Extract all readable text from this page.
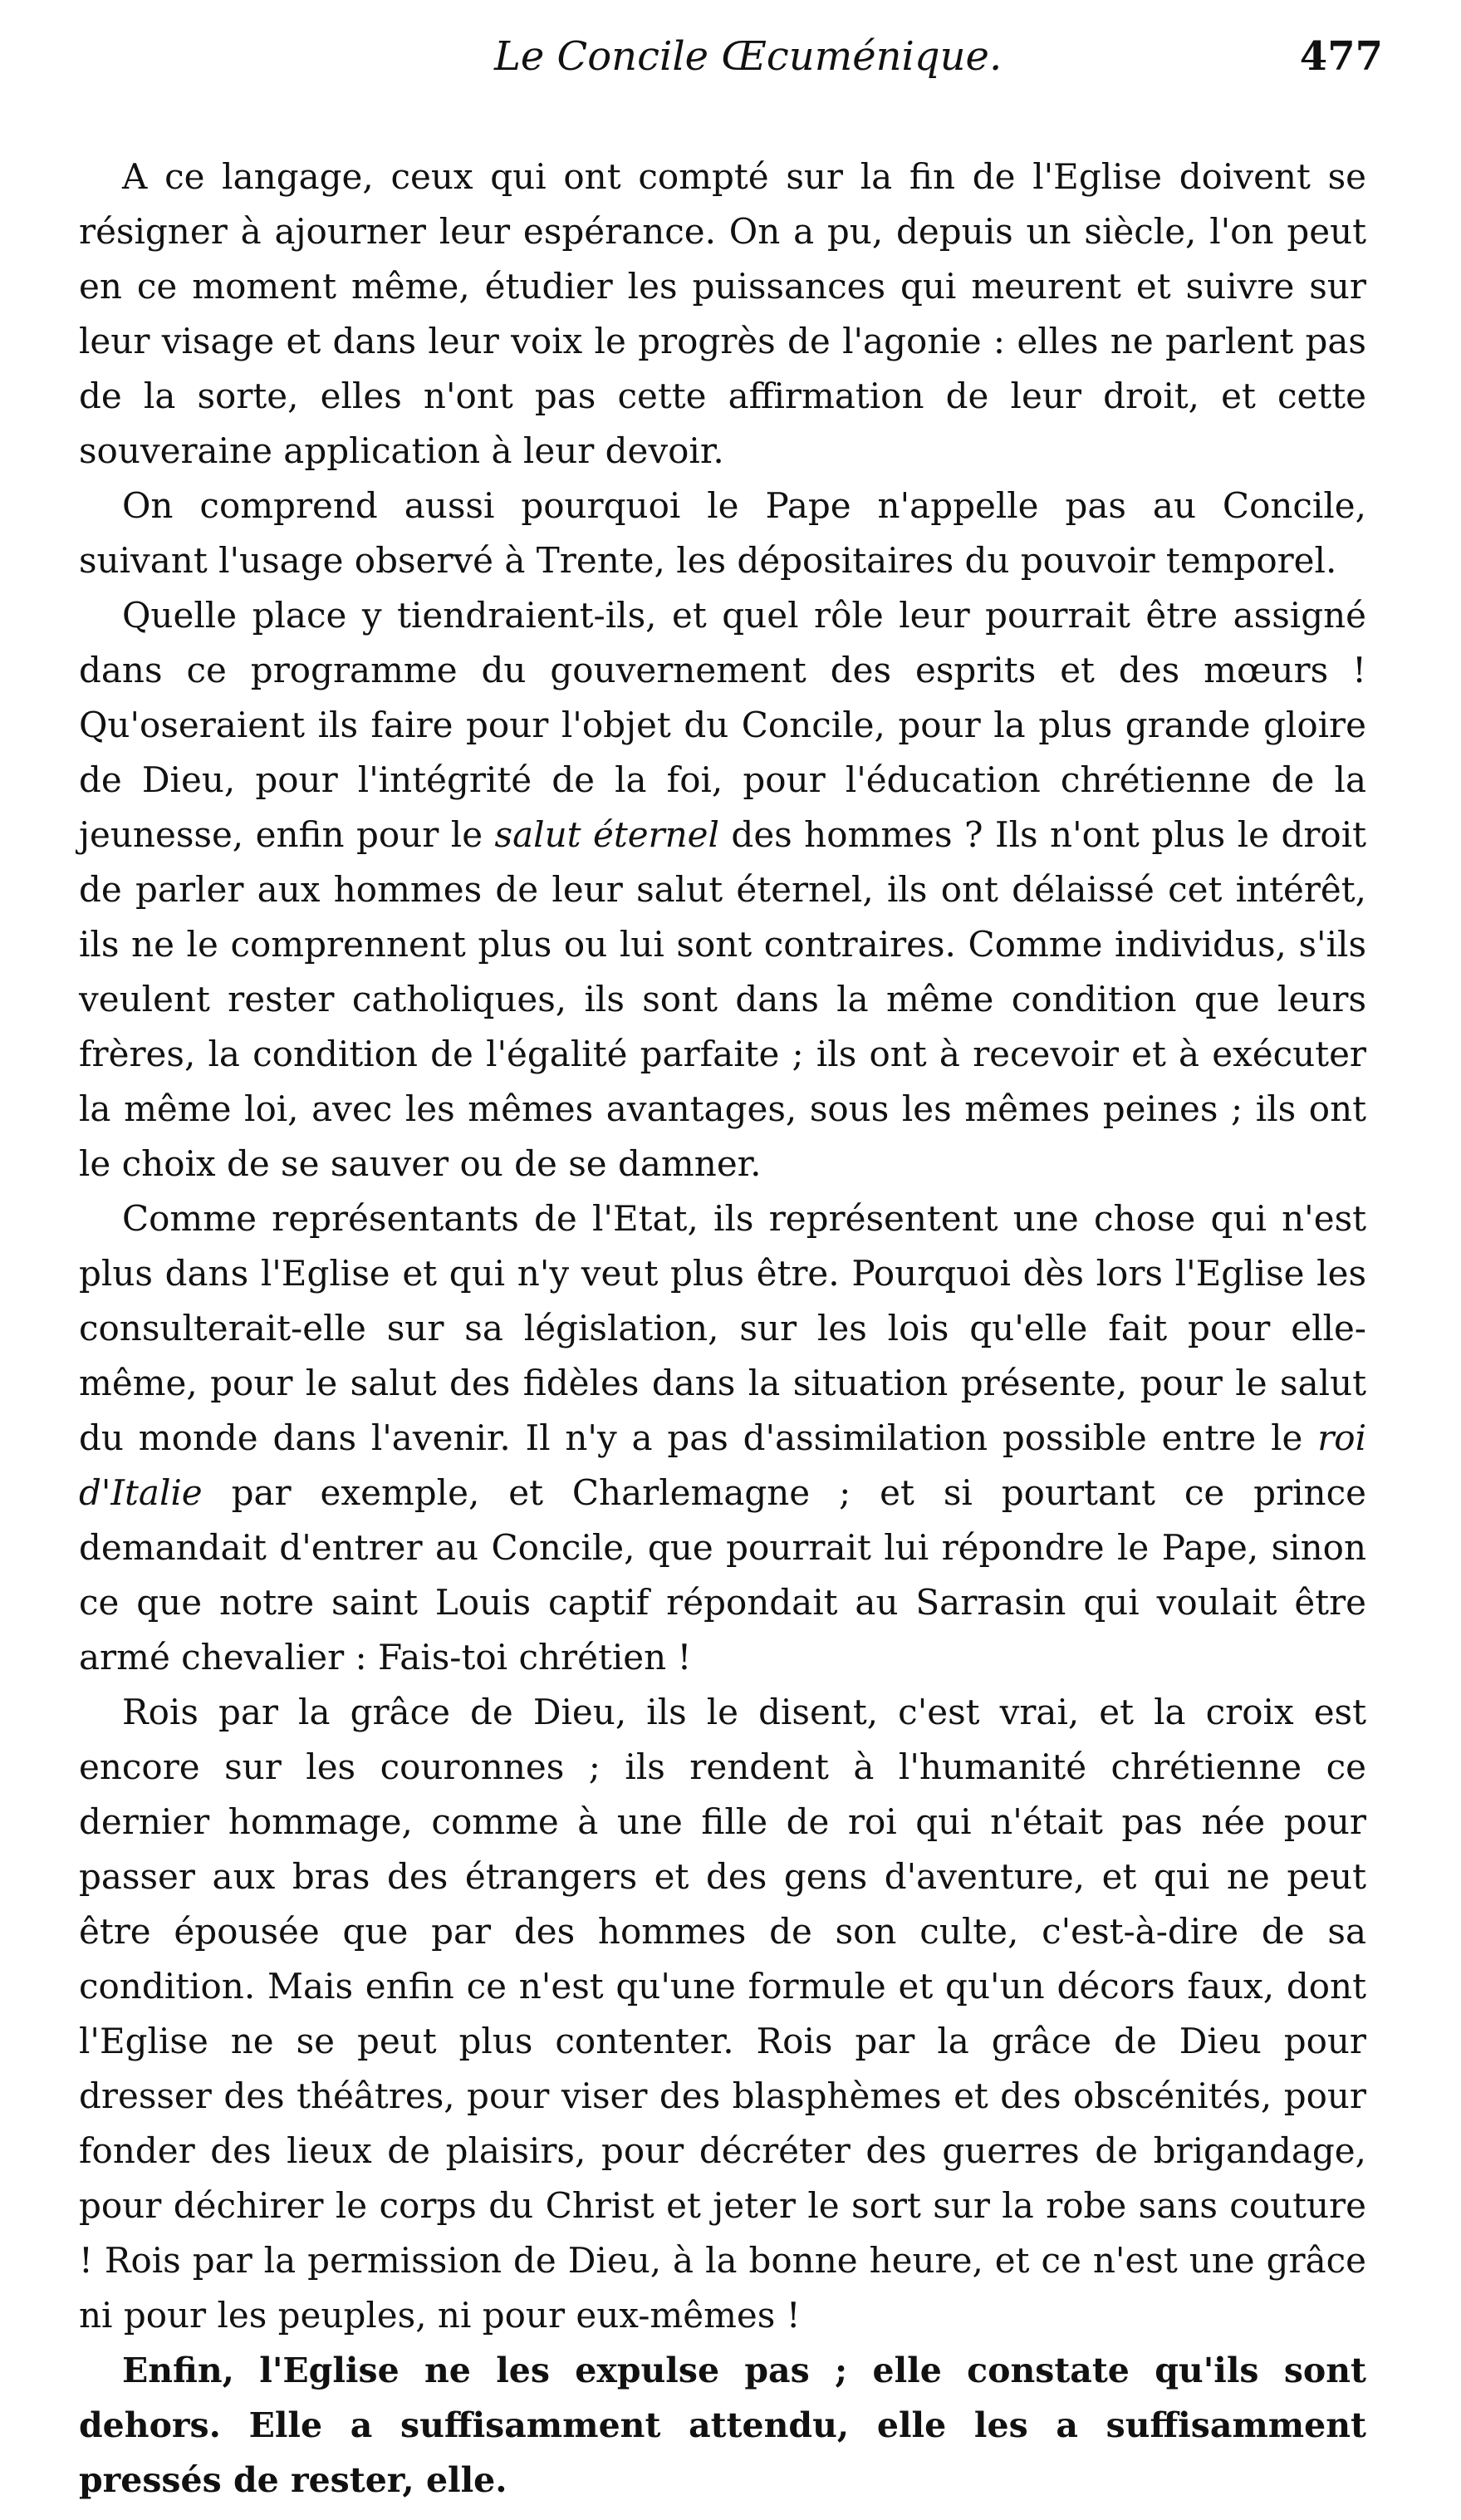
Le Concile Œcuménique.	477

A ce langage, ceux qui ont compté sur la fin de l'Eglise doivent se résigner à ajourner leur espérance. On a pu, depuis un siècle, l'on peut en ce moment même, étudier les puissances qui meurent et suivre sur leur visage et dans leur voix le progrès de l'agonie : elles ne parlent pas de la sorte, elles n'ont pas cette affirmation de leur droit, et cette souveraine application à leur devoir.

On comprend aussi pourquoi le Pape n'appelle pas au Concile, suivant l'usage observé à Trente, les dépositaires du pouvoir temporel.

Quelle place y tiendraient-ils, et quel rôle leur pourrait être assigné dans ce programme du gouvernement des esprits et des mœurs ! Qu'oseraient ils faire pour l'objet du Concile, pour la plus grande gloire de Dieu, pour l'intégrité de la foi, pour l'éducation chrétienne de la jeunesse, enfin pour le salut éternel des hommes ? Ils n'ont plus le droit de parler aux hommes de leur salut éternel, ils ont délaissé cet intérêt, ils ne le comprennent plus ou lui sont contraires. Comme individus, s'ils veulent rester catholiques, ils sont dans la même condition que leurs frères, la condition de l'égalité parfaite ; ils ont à recevoir et à exécuter la même loi, avec les mêmes avantages, sous les mêmes peines ; ils ont le choix de se sauver ou de se damner.

Comme représentants de l'Etat, ils représentent une chose qui n'est plus dans l'Eglise et qui n'y veut plus être. Pourquoi dès lors l'Eglise les consulterait-elle sur sa législation, sur les lois qu'elle fait pour elle-même, pour le salut des fidèles dans la situation présente, pour le salut du monde dans l'avenir. Il n'y a pas d'assimilation possible entre le roi d'Italie par exemple, et Charlemagne ; et si pourtant ce prince demandait d'entrer au Concile, que pourrait lui répondre le Pape, sinon ce que notre saint Louis captif répondait au Sarrasin qui voulait être armé chevalier : Fais-toi chrétien !

Rois par la grâce de Dieu, ils le disent, c'est vrai, et la croix est encore sur les couronnes ; ils rendent à l'humanité chrétienne ce dernier hommage, comme à une fille de roi qui n'était pas née pour passer aux bras des étrangers et des gens d'aventure, et qui ne peut être épousée que par des hommes de son culte, c'est-à-dire de sa condition. Mais enfin ce n'est qu'une formule et qu'un décors faux, dont l'Eglise ne se peut plus contenter. Rois par la grâce de Dieu pour dresser des théâtres, pour viser des blasphèmes et des obscénités, pour fonder des lieux de plaisirs, pour décréter des guerres de brigandage, pour déchirer le corps du Christ et jeter le sort sur la robe sans couture ! Rois par la permission de Dieu, à la bonne heure, et ce n'est une grâce ni pour les peuples, ni pour eux-mêmes !

Enfin, l'Eglise ne les expulse pas ; elle constate qu'ils sont dehors. Elle a suffisamment attendu, elle les a suffisamment pressés de rester, elle.
